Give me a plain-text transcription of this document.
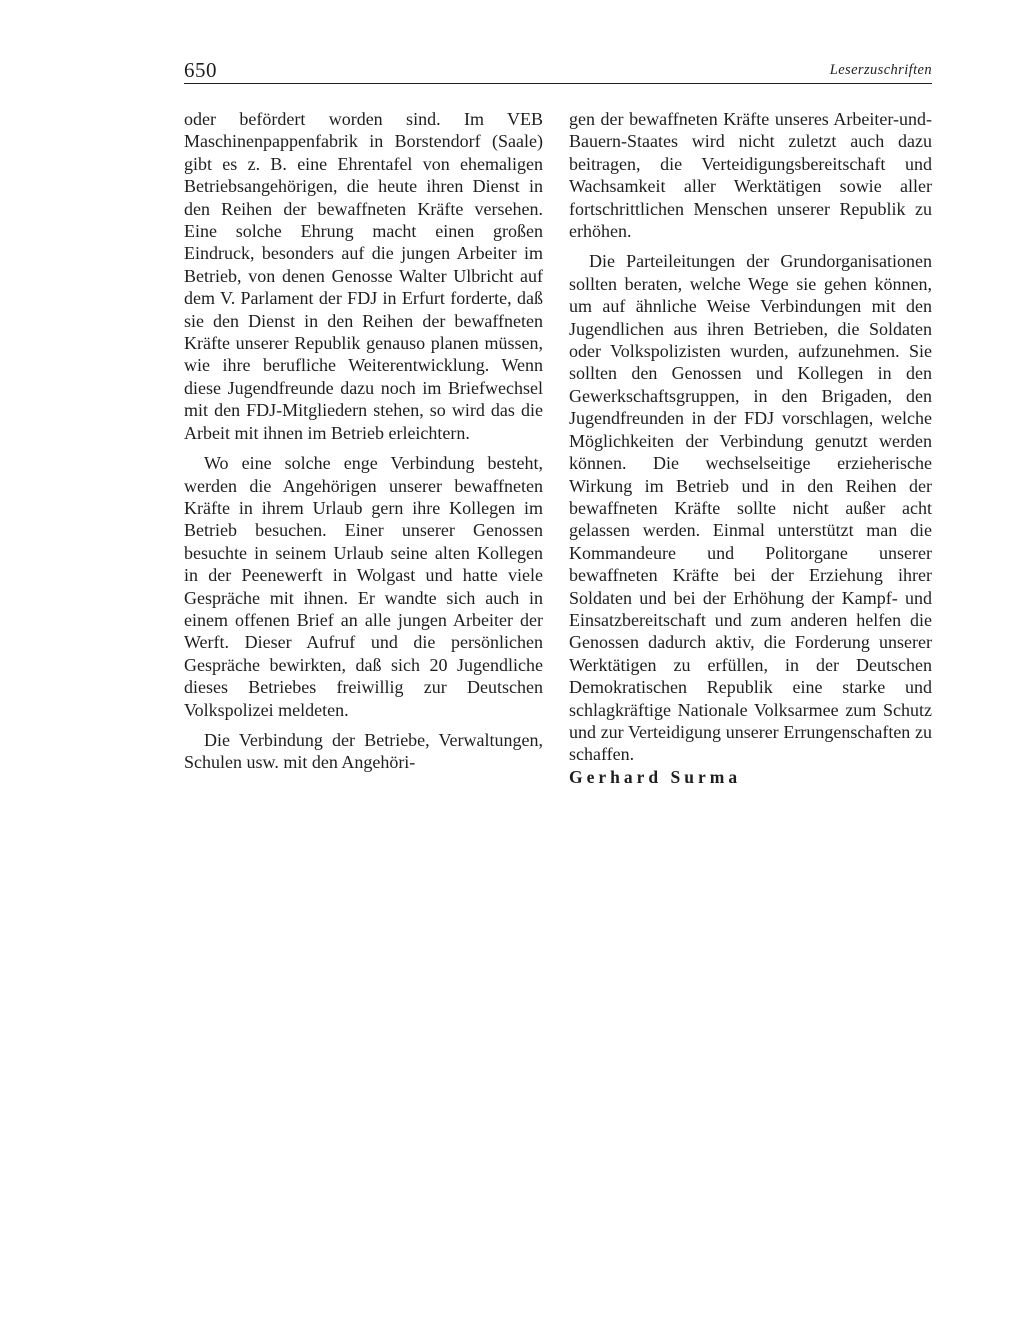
650	Leserzuschriften

oder befördert worden sind. Im VEB Maschinenpappenfabrik in Borstendorf (Saale) gibt es z. B. eine Ehrentafel von ehemaligen Betriebsangehörigen, die heute ihren Dienst in den Reihen der bewaffneten Kräfte versehen. Eine solche Ehrung macht einen großen Eindruck, besonders auf die jungen Arbeiter im Betrieb, von denen Genosse Walter Ulbricht auf dem V. Parlament der FDJ in Erfurt forderte, daß sie den Dienst in den Reihen der bewaffneten Kräfte unserer Republik genauso planen müssen, wie ihre berufliche Weiterentwicklung. Wenn diese Jugendfreunde dazu noch im Briefwechsel mit den FDJ-Mitgliedern stehen, so wird das die Arbeit mit ihnen im Betrieb erleichtern.

Wo eine solche enge Verbindung besteht, werden die Angehörigen unserer bewaffneten Kräfte in ihrem Urlaub gern ihre Kollegen im Betrieb besuchen. Einer unserer Genossen besuchte in seinem Urlaub seine alten Kollegen in der Peenewerft in Wolgast und hatte viele Gespräche mit ihnen. Er wandte sich auch in einem offenen Brief an alle jungen Arbeiter der Werft. Dieser Aufruf und die persönlichen Gespräche bewirkten, daß sich 20 Jugendliche dieses Betriebes freiwillig zur Deutschen Volkspolizei meldeten.

Die Verbindung der Betriebe, Verwaltungen, Schulen usw. mit den Angehöri-

gen der bewaffneten Kräfte unseres Arbeiter-und-Bauern-Staates wird nicht zuletzt auch dazu beitragen, die Verteidigungsbereitschaft und Wachsamkeit aller Werktätigen sowie aller fortschrittlichen Menschen unserer Republik zu erhöhen.

Die Parteileitungen der Grundorganisationen sollten beraten, welche Wege sie gehen können, um auf ähnliche Weise Verbindungen mit den Jugendlichen aus ihren Betrieben, die Soldaten oder Volkspolizisten wurden, aufzunehmen. Sie sollten den Genossen und Kollegen in den Gewerkschaftsgruppen, in den Brigaden, den Jugendfreunden in der FDJ vorschlagen, welche Möglichkeiten der Verbindung genutzt werden können. Die wechselseitige erzieherische Wirkung im Betrieb und in den Reihen der bewaffneten Kräfte sollte nicht außer acht gelassen werden. Einmal unterstützt man die Kommandeure und Politorgane unserer bewaffneten Kräfte bei der Erziehung ihrer Soldaten und bei der Erhöhung der Kampf- und Einsatzbereitschaft und zum anderen helfen die Genossen dadurch aktiv, die Forderung unserer Werktätigen zu erfüllen, in der Deutschen Demokratischen Republik eine starke und schlagkräftige Nationale Volksarmee zum Schutz und zur Verteidigung unserer Errungenschaften zu schaffen.

Gerhard Surma
